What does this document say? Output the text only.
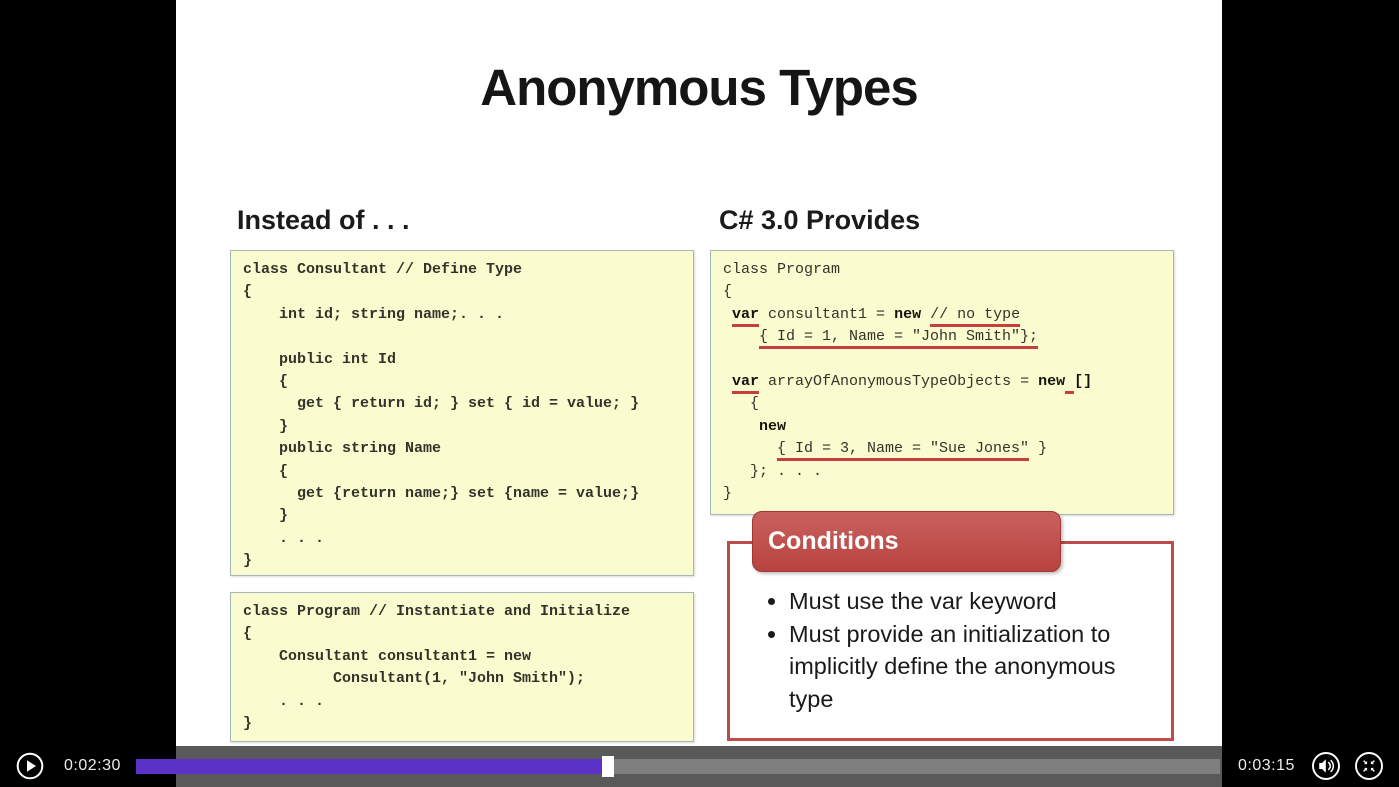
Anonymous Types
Instead of . . .	C# 3.0 Provides
class Consultant // Define Type
{
int id; string name;. . .

public int Id
{
get { return id; } set { id = value; }
}
public string Name
{
get {return name;} set {name = value;}
}
. . .
}
class Program // Instantiate and Initialize
{
Consultant consultant1 = new
Consultant(1, "John Smith");
. . .
}
class Program
{
var consultant1 = new // no type
{ Id = 1, Name = "John Smith"};

var arrayOfAnonymousTypeObjects = new []
{
new
{ Id = 3, Name = "Sue Jones" }
}; . . .
}
Conditions
• Must use the var keyword
• Must provide an initialization to implicitly define the anonymous type
0:02:30	0:03:15
